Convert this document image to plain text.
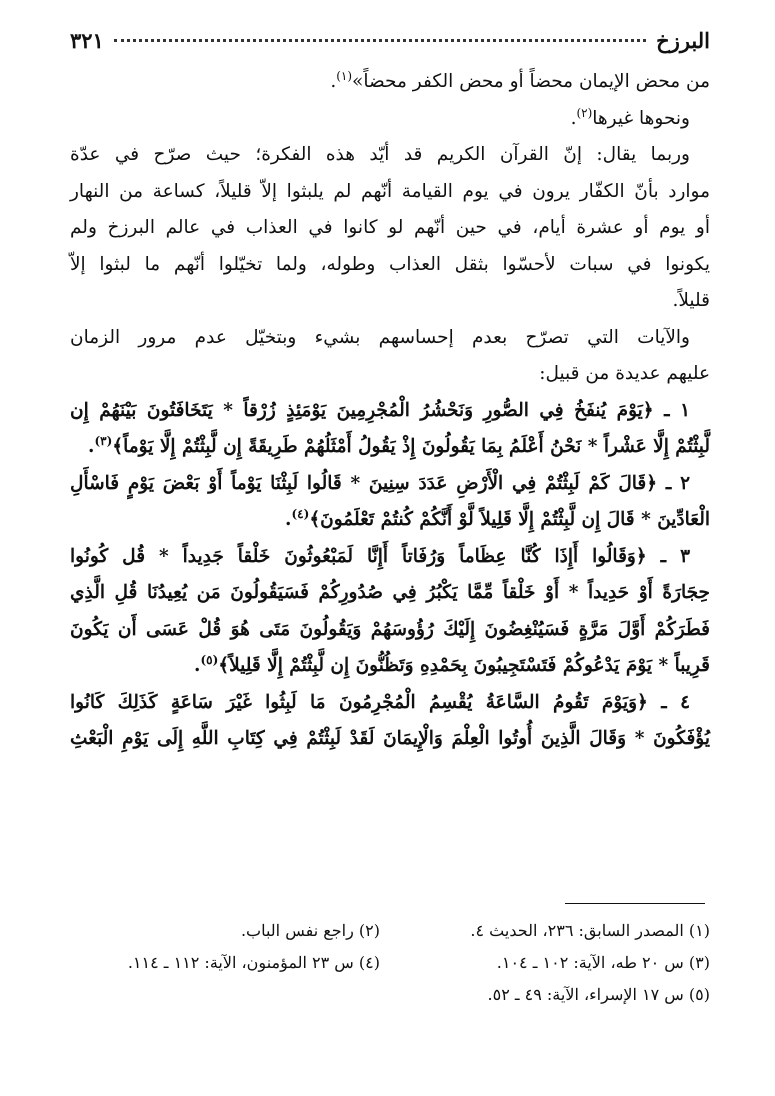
البرزخ
٣٢١

من محض الإيمان محضاً أو محض الكفر محضاً»$^{(١)}$.

ونحوها غيرها$^{(٢)}$.

وربما يقال: إنّ القرآن الكريم قد أيّد هذه الفكرة؛ حيث صرّح في عدّة

موارد بأنّ الكفّار يرون في يوم القيامة أنّهم لم يلبثوا إلاّ قليلاً، كساعة من النهار

أو يوم أو عشرة أيام، في حين أنّهم لو كانوا في العذاب في عالم البرزخ ولم

يكونوا في سبات لأحسّوا بثقل العذاب وطوله، ولما تخيّلوا أنّهم ما لبثوا إلاّ

قليلاً.

والآيات التي تصرّح بعدم إحساسهم بشيء وبتخيّل عدم مرور الزمان

عليهم عديدة من قبيل:

١ ـ ﴿يَوْمَ يُنفَخُ فِي الصُّورِ وَنَحْشُرُ الْمُجْرِمِينَ يَوْمَئِذٍ زُرْقاً * يَتَخَافَتُونَ بَيْنَهُمْ إِن

لَّبِثْتُمْ إِلَّا عَشْراً * نَحْنُ أَعْلَمُ بِمَا يَقُولُونَ إِذْ يَقُولُ أَمْثَلُهُمْ طَرِيقَةً إِن لَّبِثْتُمْ إِلَّا يَوْماً﴾$^{(٣)}$.

٢ ـ ﴿قَالَ كَمْ لَبِثْتُمْ فِي الْأَرْضِ عَدَدَ سِنِينَ * قَالُوا لَبِثْنَا يَوْماً أَوْ بَعْضَ يَوْمٍ فَاسْأَلِ

الْعَادِّينَ * قَالَ إِن لَّبِثْتُمْ إِلَّا قَلِيلاً لَّوْ أَنَّكُمْ كُنتُمْ تَعْلَمُونَ﴾$^{(٤)}$.

٣ ـ ﴿وَقَالُوا أَإِذَا كُنَّا عِظَاماً وَرُفَاتاً أَإِنَّا لَمَبْعُوثُونَ خَلْقاً جَدِيداً * قُل كُونُوا

حِجَارَةً أَوْ حَدِيداً * أَوْ خَلْقاً مِّمَّا يَكْبُرُ فِي صُدُورِكُمْ فَسَيَقُولُونَ مَن يُعِيدُنَا قُلِ الَّذِي

فَطَرَكُمْ أَوَّلَ مَرَّةٍ فَسَيُنْغِضُونَ إِلَيْكَ رُؤُوسَهُمْ وَيَقُولُونَ مَتَى هُوَ قُلْ عَسَى أَن يَكُونَ

قَرِيباً * يَوْمَ يَدْعُوكُمْ فَتَسْتَجِيبُونَ بِحَمْدِهِ وَتَظُنُّونَ إِن لَّبِثْتُمْ إِلَّا قَلِيلاً﴾$^{(٥)}$.

٤ ـ ﴿وَيَوْمَ تَقُومُ السَّاعَةُ يُقْسِمُ الْمُجْرِمُونَ مَا لَبِثُوا غَيْرَ سَاعَةٍ كَذَلِكَ كَانُوا

يُؤْفَكُونَ * وَقَالَ الَّذِينَ أُوتُوا الْعِلْمَ وَالْإِيمَانَ لَقَدْ لَبِثْتُمْ فِي كِتَابِ اللَّهِ إِلَى يَوْمِ الْبَعْثِ

(١) المصدر السابق: ٢٣٦، الحديث ٤.
(٢) راجع نفس الباب.
(٣) س ٢٠ طه، الآية: ١٠٢ ـ ١٠٤.
(٤) س ٢٣ المؤمنون، الآية: ١١٢ ـ ١١٤.
(٥) س ١٧ الإسراء، الآية: ٤٩ ـ ٥٢.
